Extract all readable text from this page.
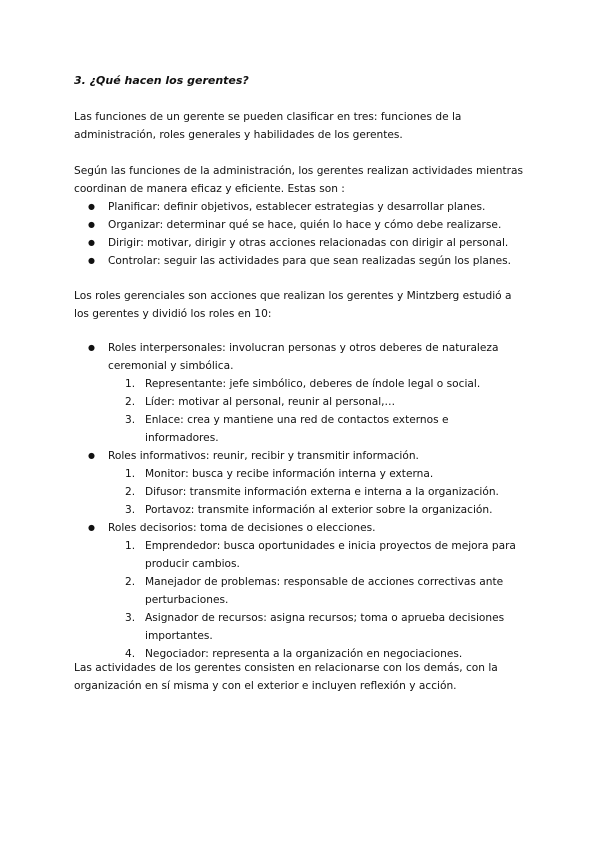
3. ¿Qué hacen los gerentes?

Las funciones de un gerente se pueden clasificar en tres: funciones de la administración, roles generales y habilidades de los gerentes.

Según las funciones de la administración, los gerentes realizan actividades mientras coordinan de manera eficaz y eficiente. Estas son :

● Planificar: definir objetivos, establecer estrategias y desarrollar planes.
● Organizar: determinar qué se hace, quién lo hace y cómo debe realizarse.
● Dirigir: motivar, dirigir y otras acciones relacionadas con dirigir al personal.
● Controlar: seguir las actividades para que sean realizadas según los planes.

Los roles gerenciales son acciones que realizan los gerentes y Mintzberg estudió a los gerentes y dividió los roles en 10:

● Roles interpersonales: involucran personas y otros deberes de naturaleza ceremonial y simbólica.
1. Representante: jefe simbólico, deberes de índole legal o social.
2. Líder: motivar al personal, reunir al personal,…
3. Enlace: crea y mantiene una red de contactos externos e informadores.
● Roles informativos: reunir, recibir y transmitir información.
1. Monitor: busca y recibe información interna y externa.
2. Difusor: transmite información externa e interna a la organización.
3. Portavoz: transmite información al exterior sobre la organización.
● Roles decisorios: toma de decisiones o elecciones.
1. Emprendedor: busca oportunidades e inicia proyectos de mejora para producir cambios.
2. Manejador de problemas: responsable de acciones correctivas ante perturbaciones.
3. Asignador de recursos: asigna recursos; toma o aprueba decisiones importantes.
4. Negociador: representa a la organización en negociaciones.

Las actividades de los gerentes consisten en relacionarse con los demás, con la organización en sí misma y con el exterior e incluyen reflexión y acción.
